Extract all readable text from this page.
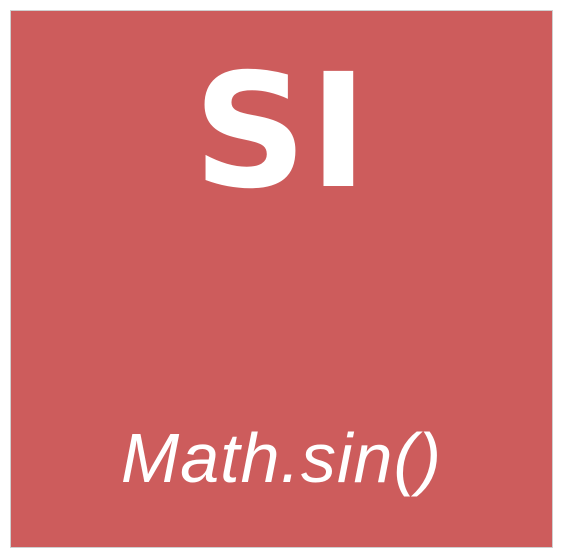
SI
Math.sin()
